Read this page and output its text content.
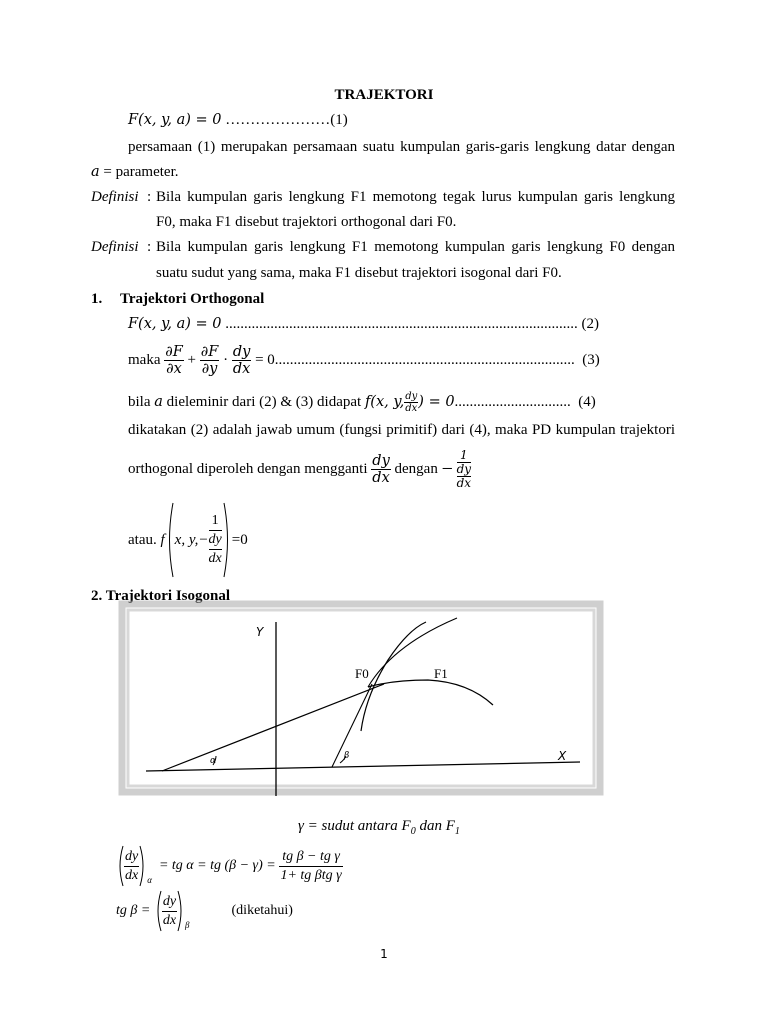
TRAJEKTORI
F(x, y, a) = 0 …………………(1)
persamaan (1) merupakan persamaan suatu kumpulan garis-garis lengkung datar dengan
a = parameter.
Definisi : Bila kumpulan garis lengkung F1 memotong tegak lurus kumpulan garis lengkung
F0, maka F1 disebut trajektori orthogonal dari F0.
Definisi : Bila kumpulan garis lengkung F1 memotong kumpulan garis lengkung F0 dengan
suatu sudut yang sama, maka F1 disebut trajektori isogonal dari F0.
1. Trajektori Orthogonal
F(x, y, a) = 0 .............................................................................................. (2)
maka
$\frac{\partial F}{\partial x}$
+
$\frac{\partial F}{\partial y}$
·
$\frac{dy}{dx}$
= 0 ................................................................................
(3)
bila
a
dieleminir dari (2) & (3) didapat
f(x, y, $\frac{dy}{dx}$ ) = 0 ...............................
(4)
dikatakan (2) adalah jawab umum (fungsi primitif) dari (4), maka PD kumpulan trajektori
orthogonal diperoleh dengan mengganti
$\frac{dy}{dx}$
dengan
−

1
dy
dx
atau.
f x, y,−
1
dy
dx
=0
2. Trajektori Isogonal
Y
X
F0	F1
α	β
γ = sudut antara $F_0$ dan $F_1$
$\frac{dy}{dx}$ α

= tg α = tg (β − γ) =
$\frac{\text{tg β − tg γ}}{\text{1+ tg βtg γ}}$
tg β =
$\frac{dy}{dx}$ β
(diketahui)
1
